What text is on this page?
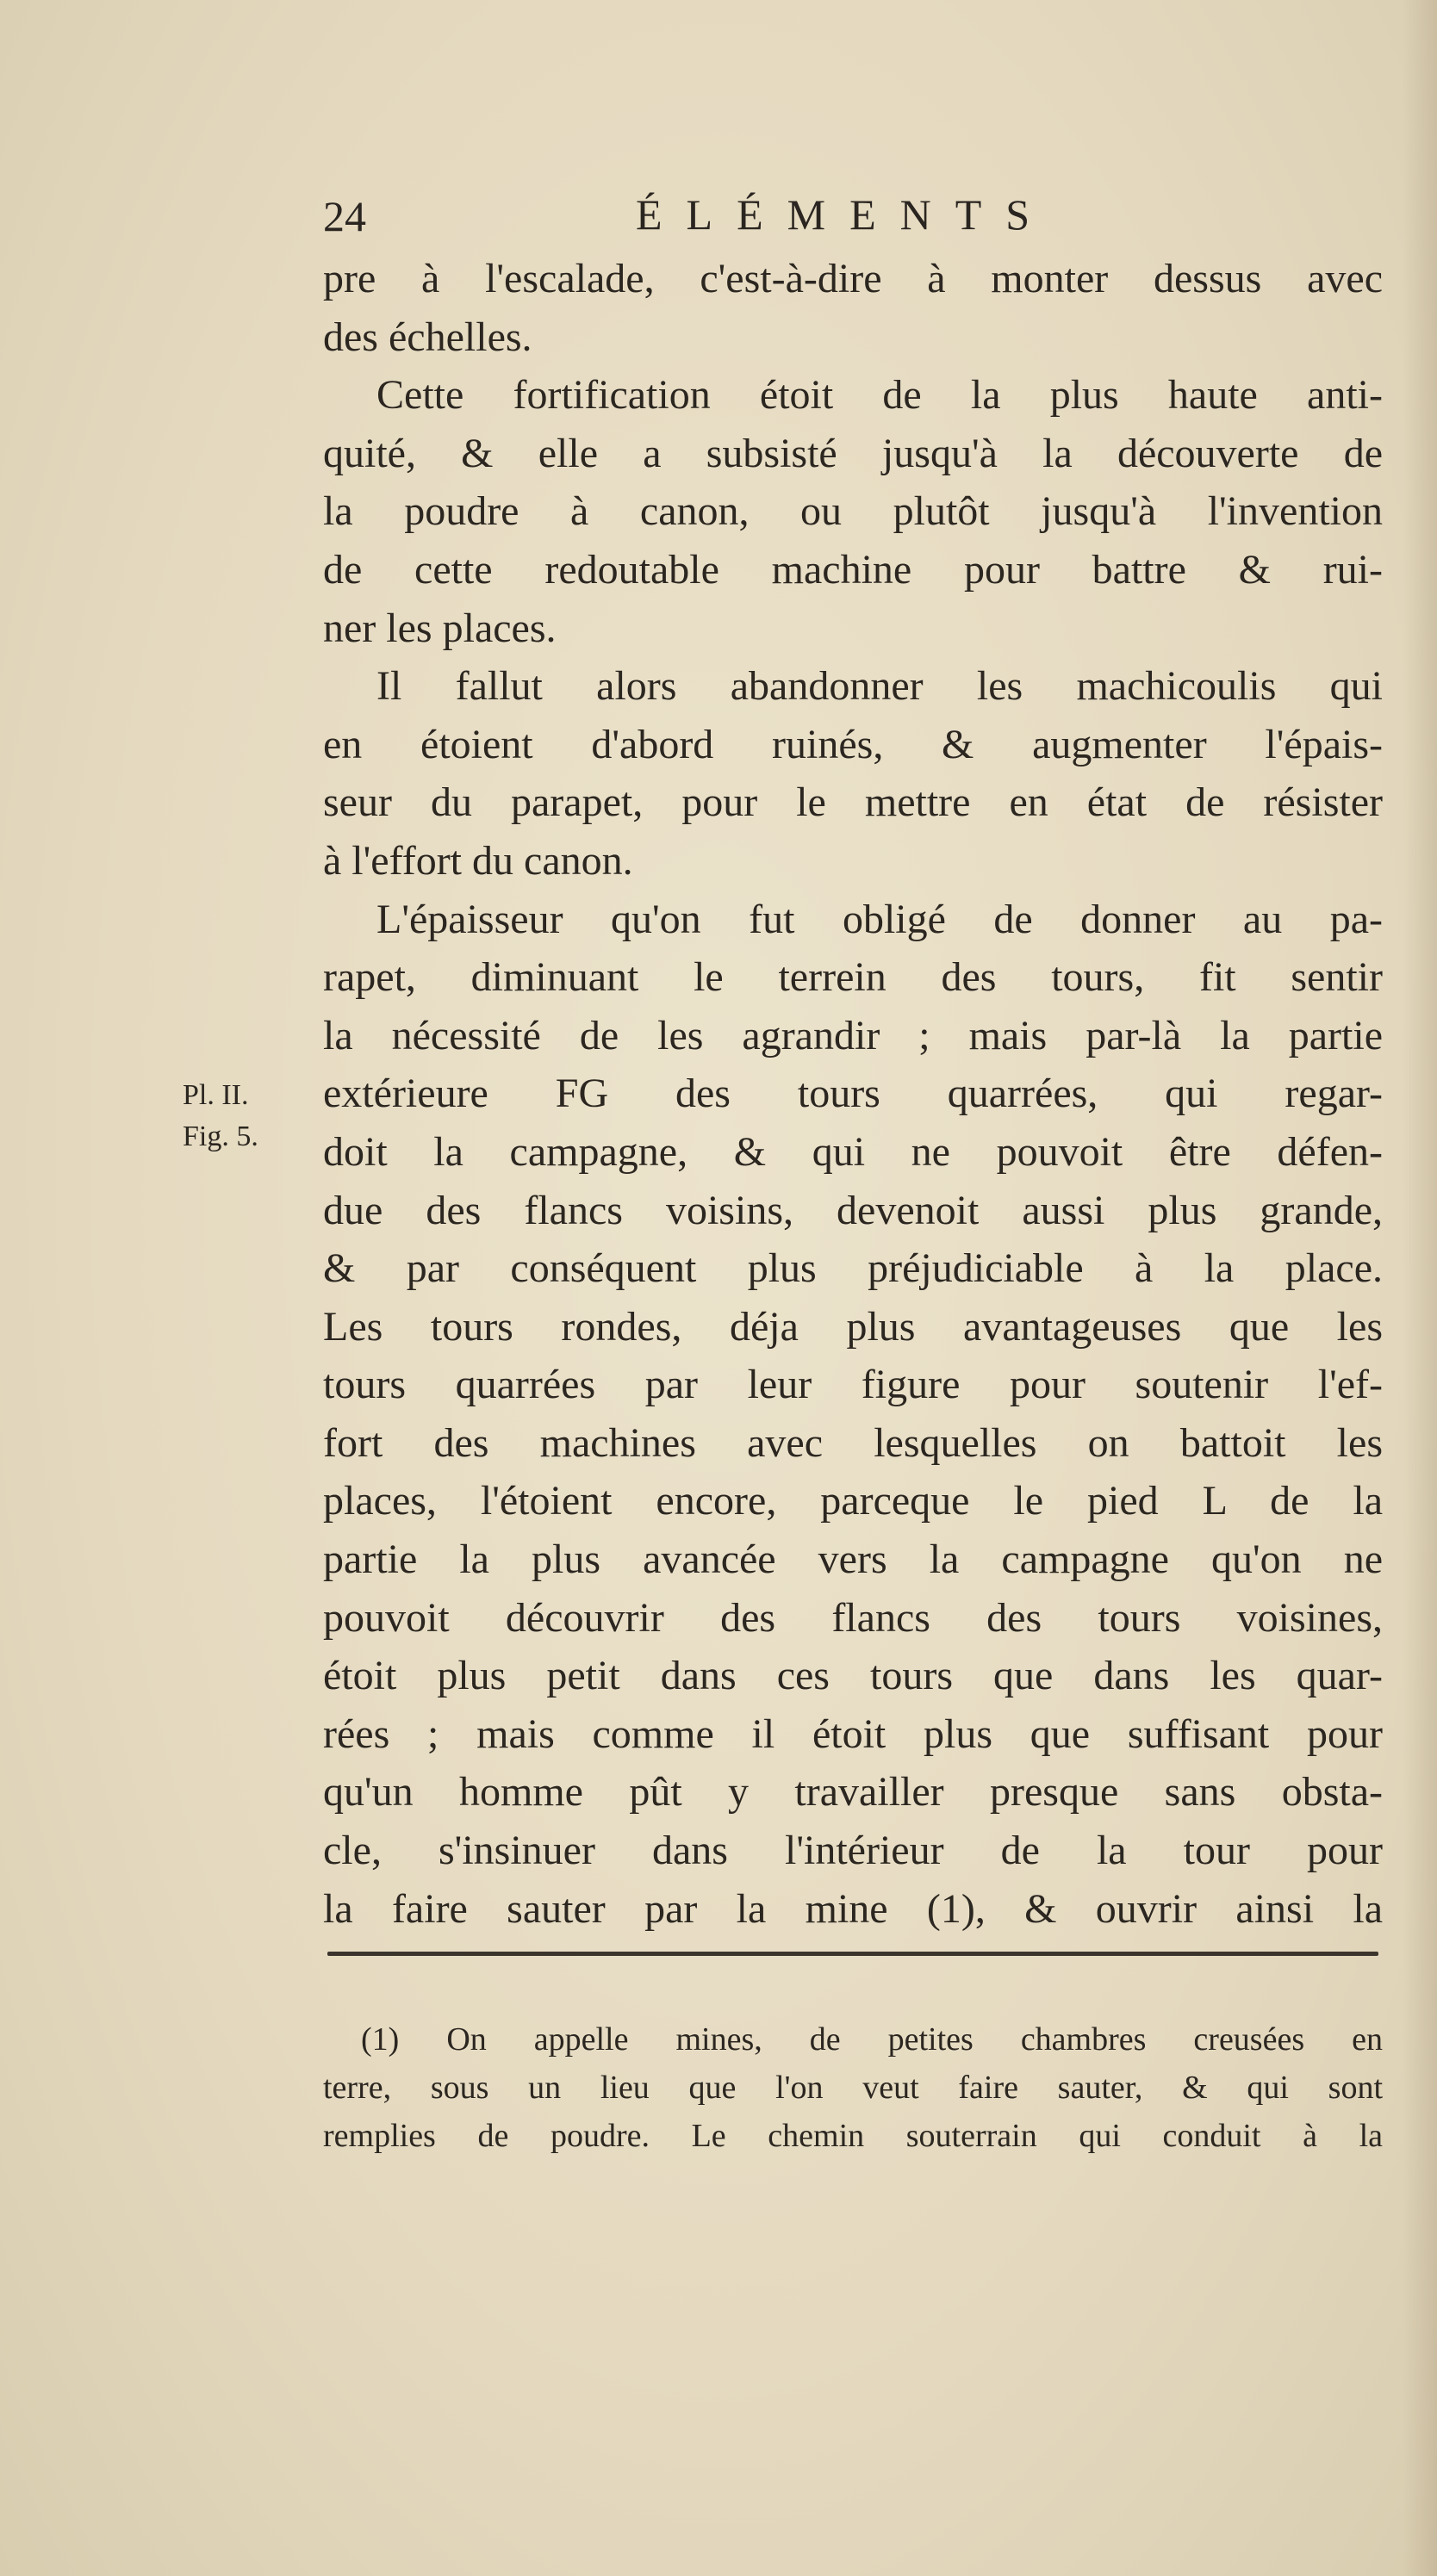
24	ÉLÉMENTS
Pl. II.
Fig. 5.
pre à l'escalade, c'est-à-dire à monter dessus avec
des échelles.
Cette fortification étoit de la plus haute anti-
quité, & elle a subsisté jusqu'à la découverte de
la poudre à canon, ou plutôt jusqu'à l'invention
de cette redoutable machine pour battre & rui-
ner les places.
Il fallut alors abandonner les machicoulis qui
en étoient d'abord ruinés, & augmenter l'épais-
seur du parapet, pour le mettre en état de résister
à l'effort du canon.
L'épaisseur qu'on fut obligé de donner au pa-
rapet, diminuant le terrein des tours, fit sentir
la nécessité de les agrandir ; mais par-là la partie
extérieure FG des tours quarrées, qui regar-
doit la campagne, & qui ne pouvoit être défen-
due des flancs voisins, devenoit aussi plus grande,
& par conséquent plus préjudiciable à la place.
Les tours rondes, déja plus avantageuses que les
tours quarrées par leur figure pour soutenir l'ef-
fort des machines avec lesquelles on battoit les
places, l'étoient encore, parceque le pied L de la
partie la plus avancée vers la campagne qu'on ne
pouvoit découvrir des flancs des tours voisines,
étoit plus petit dans ces tours que dans les quar-
rées ; mais comme il étoit plus que suffisant pour
qu'un homme pût y travailler presque sans obsta-
cle, s'insinuer dans l'intérieur de la tour pour
la faire sauter par la mine (1), & ouvrir ainsi la
(1) On appelle mines, de petites chambres creusées en
terre, sous un lieu que l'on veut faire sauter, & qui sont
remplies de poudre. Le chemin souterrain qui conduit à la
